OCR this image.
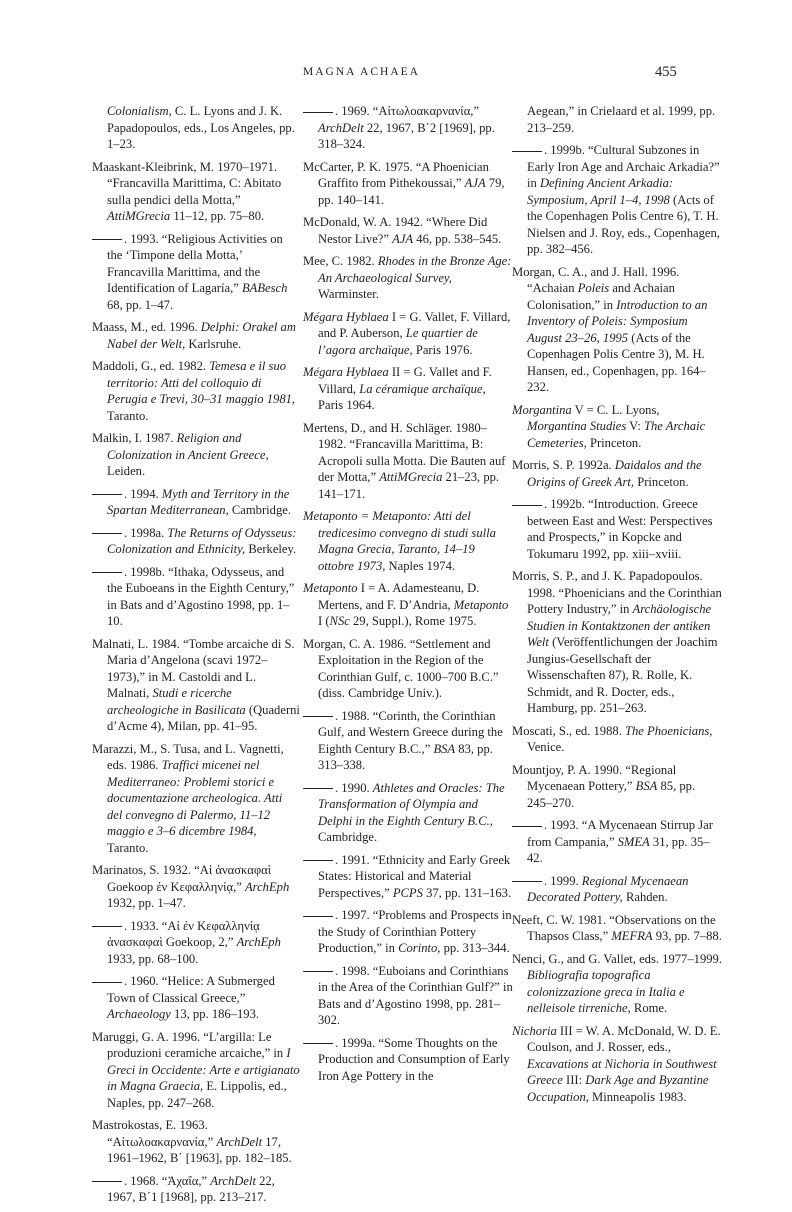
MAGNA ACHAEA	455
Colonialism, C. L. Lyons and J. K. Papadopoulos, eds., Los Angeles, pp. 1–23.
Maaskant-Kleibrink, M. 1970–1971. “Francavilla Marittima, C: Abitato sulla pendici della Motta,” AttiMGrecia 11–12, pp. 75–80.
. 1993. “Religious Activities on the ‘Timpone della Motta,’ Francavilla Marittima, and the Identification of Lagaría,” BABesch 68, pp. 1–47.
Maass, M., ed. 1996. Delphi: Orakel am Nabel der Welt, Karlsruhe.
Maddoli, G., ed. 1982. Temesa e il suo territorio: Atti del colloquio di Perugia e Trevi, 30–31 maggio 1981, Taranto.
Malkin, I. 1987. Religion and Colonization in Ancient Greece, Leiden.
. 1994. Myth and Territory in the Spartan Mediterranean, Cambridge.
. 1998a. The Returns of Odysseus: Colonization and Ethnicity, Berkeley.
. 1998b. “Ithaka, Odysseus, and the Euboeans in the Eighth Century,” in Bats and d’Agostino 1998, pp. 1–10.
Malnati, L. 1984. “Tombe arcaiche di S. Maria d’Angelona (scavi 1972–1973),” in M. Castoldi and L. Malnati, Studi e ricerche archeologiche in Basilicata (Quaderni d’Acme 4), Milan, pp. 41–95.
Marazzi, M., S. Tusa, and L. Vagnetti, eds. 1986. Traffici micenei nel Mediterraneo: Problemi storici e documentazione archeologica. Atti del convegno di Palermo, 11–12 maggio e 3–6 dicembre 1984, Taranto.
Marinatos, S. 1932. “Αἱ ἀνασκαφαὶ Goekoop ἐν Κεφαλληνίᾳ,” ArchEph 1932, pp. 1–47.
. 1933. “Αἱ ἐν Κεφαλληνίᾳ ἀνασκαφαὶ Goekoop, 2,” ArchEph 1933, pp. 68–100.
. 1960. “Helice: A Submerged Town of Classical Greece,” Archaeology 13, pp. 186–193.
Maruggi, G. A. 1996. “L’argilla: Le produzioni ceramiche arcaiche,” in I Greci in Occidente: Arte e artigianato in Magna Graecia, E. Lippolis, ed., Naples, pp. 247–268.
Mastrokostas, E. 1963. “Αἰτωλοακαρνανία,” ArchDelt 17, 1961–1962, Β΄ [1963], pp. 182–185.
. 1968. “Ἀχαΐα,” ArchDelt 22, 1967, Β΄1 [1968], pp. 213–217.
. 1969. “Αἰτωλοακαρνανία,” ArchDelt 22, 1967, Β΄2 [1969], pp. 318–324.
McCarter, P. K. 1975. “A Phoenician Graffito from Pithekoussai,” AJA 79, pp. 140–141.
McDonald, W. A. 1942. “Where Did Nestor Live?” AJA 46, pp. 538–545.
Mee, C. 1982. Rhodes in the Bronze Age: An Archaeological Survey, Warminster.
Mégara Hyblaea I = G. Vallet, F. Villard, and P. Auberson, Le quartier de l’agora archaïque, Paris 1976.
Mégara Hyblaea II = G. Vallet and F. Villard, La céramique archaïque, Paris 1964.
Mertens, D., and H. Schläger. 1980–1982. “Francavilla Marittima, B: Acropoli sulla Motta. Die Bauten auf der Motta,” AttiMGrecia 21–23, pp. 141–171.
Metaponto = Metaponto: Atti del tredicesimo convegno di studi sulla Magna Grecia, Taranto, 14–19 ottobre 1973, Naples 1974.
Metaponto I = A. Adamesteanu, D. Mertens, and F. D’Andria, Metaponto I (NSc 29, Suppl.), Rome 1975.
Morgan, C. A. 1986. “Settlement and Exploitation in the Region of the Corinthian Gulf, c. 1000–700 B.C.” (diss. Cambridge Univ.).
. 1988. “Corinth, the Corinthian Gulf, and Western Greece during the Eighth Century B.C.,” BSA 83, pp. 313–338.
. 1990. Athletes and Oracles: The Transformation of Olympia and Delphi in the Eighth Century B.C., Cambridge.
. 1991. “Ethnicity and Early Greek States: Historical and Material Perspectives,” PCPS 37, pp. 131–163.
. 1997. “Problems and Prospects in the Study of Corinthian Pottery Production,” in Corinto, pp. 313–344.
. 1998. “Euboians and Corinthians in the Area of the Corinthian Gulf?” in Bats and d’Agostino 1998, pp. 281–302.
. 1999a. “Some Thoughts on the Production and Consumption of Early Iron Age Pottery in the
Aegean,” in Crielaard et al. 1999, pp. 213–259.
. 1999b. “Cultural Subzones in Early Iron Age and Archaic Arkadia?” in Defining Ancient Arkadia: Symposium, April 1–4, 1998 (Acts of the Copenhagen Polis Centre 6), T. H. Nielsen and J. Roy, eds., Copenhagen, pp. 382–456.
Morgan, C. A., and J. Hall. 1996. “Achaian Poleis and Achaian Colonisation,” in Introduction to an Inventory of Poleis: Symposium August 23–26, 1995 (Acts of the Copenhagen Polis Centre 3), M. H. Hansen, ed., Copenhagen, pp. 164–232.
Morgantina V = C. L. Lyons, Morgantina Studies V: The Archaic Cemeteries, Princeton.
Morris, S. P. 1992a. Daidalos and the Origins of Greek Art, Princeton.
. 1992b. “Introduction. Greece between East and West: Perspectives and Prospects,” in Kopcke and Tokumaru 1992, pp. xiii–xviii.
Morris, S. P., and J. K. Papadopoulos. 1998. “Phoenicians and the Corinthian Pottery Industry,” in Archäologische Studien in Kontaktzonen der antiken Welt (Veröffentlichungen der Joachim Jungius-Gesellschaft der Wissenschaften 87), R. Rolle, K. Schmidt, and R. Docter, eds., Hamburg, pp. 251–263.
Moscati, S., ed. 1988. The Phoenicians, Venice.
Mountjoy, P. A. 1990. “Regional Mycenaean Pottery,” BSA 85, pp. 245–270.
. 1993. “A Mycenaean Stirrup Jar from Campania,” SMEA 31, pp. 35–42.
. 1999. Regional Mycenaean Decorated Pottery, Rahden.
Neeft, C. W. 1981. “Observations on the Thapsos Class,” MEFRA 93, pp. 7–88.
Nenci, G., and G. Vallet, eds. 1977–1999. Bibliografia topografica colonizzazione greca in Italia e nelleisole tirreniche, Rome.
Nichoria III = W. A. McDonald, W. D. E. Coulson, and J. Rosser, eds., Excavations at Nichoria in Southwest Greece III: Dark Age and Byzantine Occupation, Minneapolis 1983.
